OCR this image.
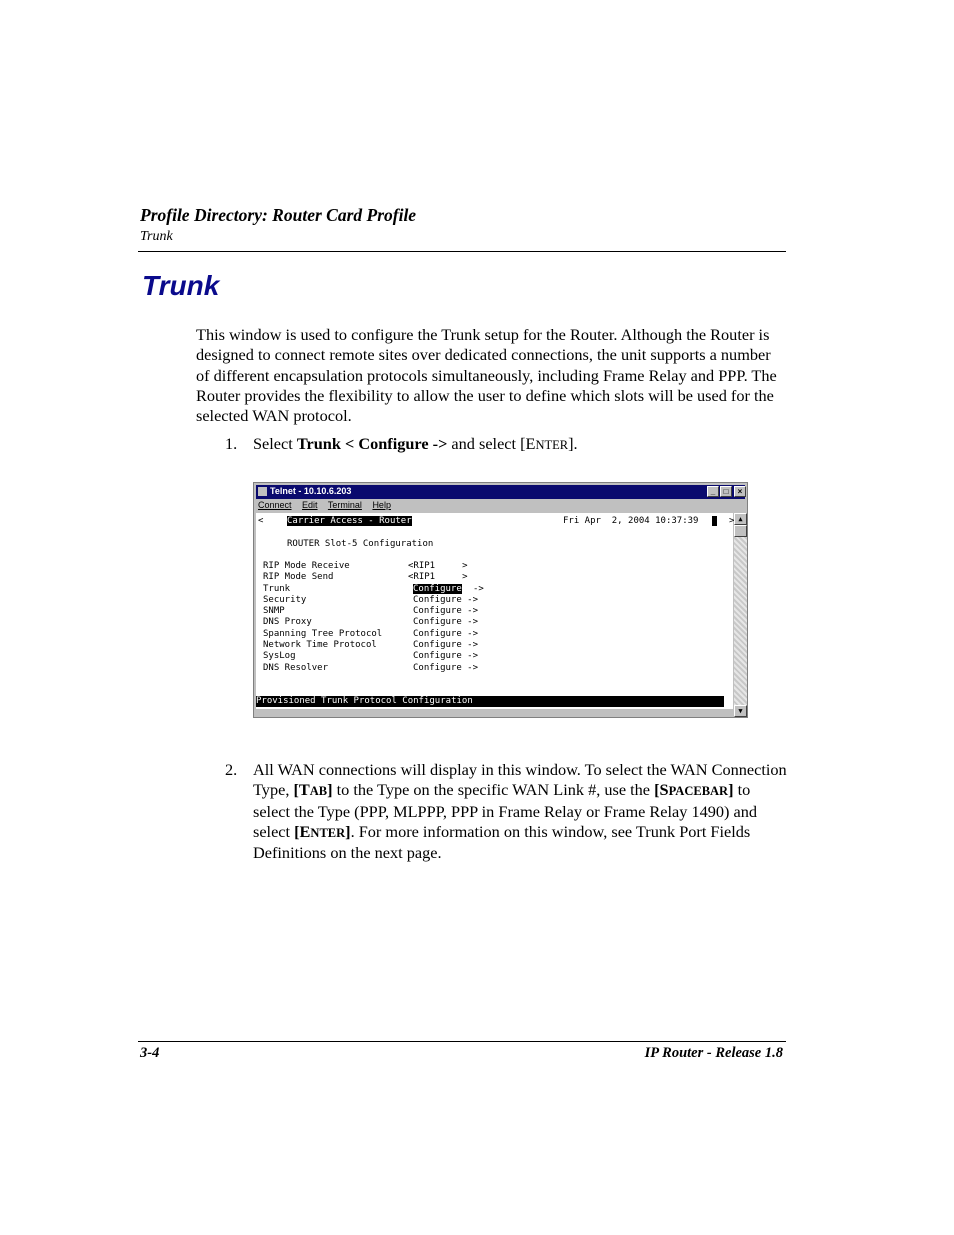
Profile Directory: Router Card Profile
Trunk
Trunk
This window is used to configure the Trunk setup for the Router. Although the Router is designed to connect remote sites over dedicated connections, the unit supports a number of different encapsulation protocols simultaneously, including Frame Relay and PPP. The Router provides the flexibility to allow the user to define which slots will be used for the selected WAN protocol.
1. Select Trunk < Configure -> and select [ENTER].
Telnet - 10.10.6.203	_	□	×
Connect Edit Terminal Help
<	Carrier Access - Router	Fri Apr  2, 2004 10:37:39	>
ROUTER Slot-5 Configuration
RIP Mode Receive	<RIP1     >
RIP Mode Send	<RIP1     >
Trunk	Configure ->
Security	Configure ->
SNMP	Configure ->
DNS Proxy	Configure ->
Spanning Tree Protocol	Configure ->
Network Time Protocol	Configure ->
SysLog	Configure ->
DNS Resolver	Configure ->
Provisioned Trunk Protocol Configuration
▲
▼
2. All WAN connections will display in this window. To select the WAN Connection Type, [TAB] to the Type on the specific WAN Link #, use the [SPACEBAR] to select the Type (PPP, MLPPP, PPP in Frame Relay or Frame Relay 1490) and select [ENTER]. For more information on this window, see Trunk Port Fields Definitions on the next page.
3-4	IP Router - Release 1.8
